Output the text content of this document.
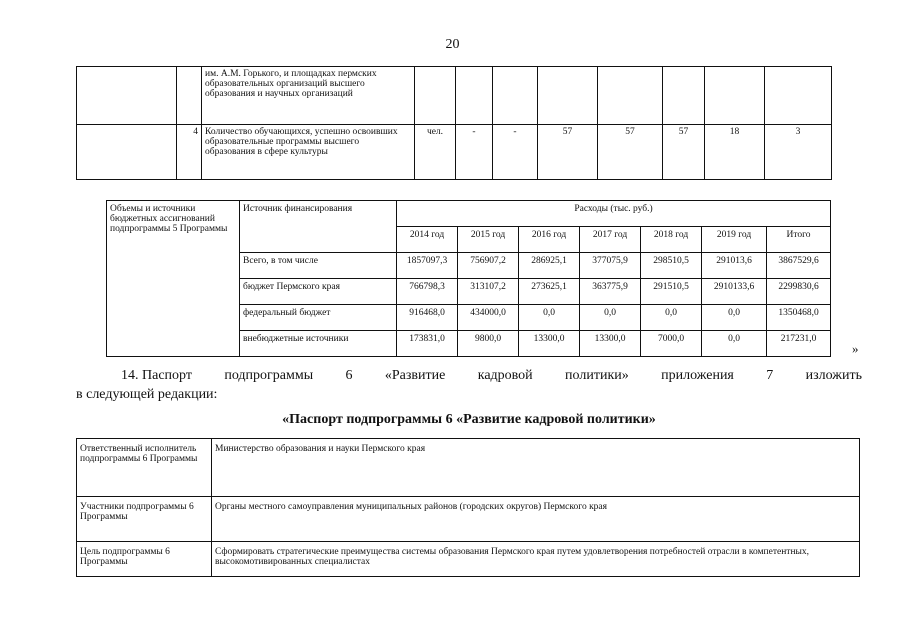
20
		им. А.М. Горького, и площадках пермских образовательных организаций высшего образования и научных организаций								
	4	Количество обучающихся, успешно освоивших образовательные программы высшего образования в сфере культуры	чел.	-	-	57	57	57	18	3
Объемы и источники бюджетных ассигнований подпрограммы 5 Программы	Источник финансирования	Расходы (тыс. руб.)						
		2014 год	2015 год	2016 год	2017 год	2018 год	2019 год	Итого
	Всего, в том числе	1857097,3	756907,2	286925,1	377075,9	298510,5	291013,6	3867529,6
	бюджет Пермского края	766798,3	313107,2	273625,1	363775,9	291510,5	2910133,6	2299830,6
	федеральный бюджет	916468,0	434000,0	0,0	0,0	0,0	0,0	1350468,0
	внебюджетные источники	173831,0	9800,0	13300,0	13300,0	7000,0	0,0	217231,0
»
14. Паспорт подпрограммы 6 «Развитие кадровой политики» приложения 7 изложить
в следующей редакции:
«Паспорт подпрограммы 6 «Развитие кадровой политики»
Ответственный исполнитель подпрограммы 6 Программы	Министерство образования и науки Пермского края
Участники подпрограммы 6 Программы	Органы местного самоуправления муниципальных районов (городских округов) Пермского края
Цель подпрограммы 6 Программы	Сформировать стратегические преимущества системы образования Пермского края путем удовлетворения потребностей отрасли в компетентных, высокомотивированных специалистах
